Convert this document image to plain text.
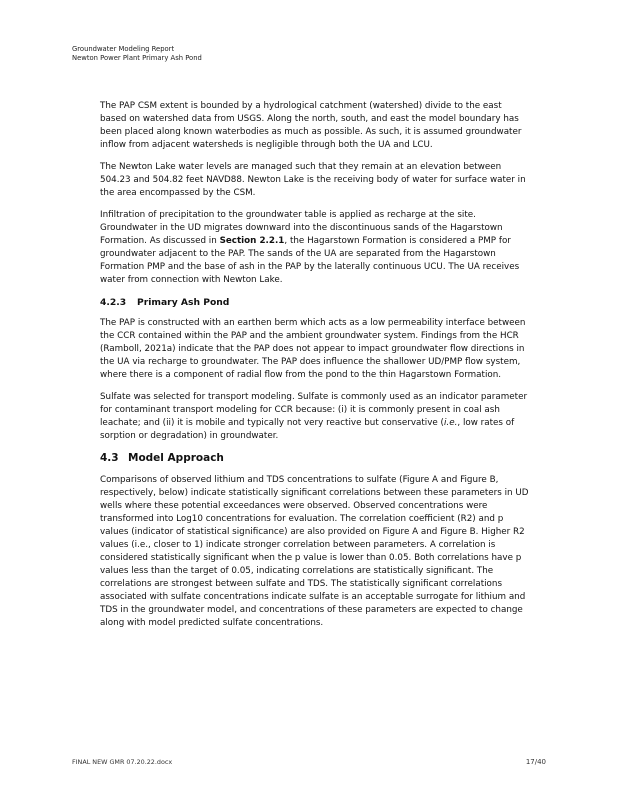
Groundwater Modeling Report
Newton Power Plant Primary Ash Pond
The PAP CSM extent is bounded by a hydrological catchment (watershed) divide to the east
based on watershed data from USGS. Along the north, south, and east the model boundary has
been placed along known waterbodies as much as possible. As such, it is assumed groundwater
inflow from adjacent watersheds is negligible through both the UA and LCU.
The Newton Lake water levels are managed such that they remain at an elevation between
504.23 and 504.82 feet NAVD88. Newton Lake is the receiving body of water for surface water in
the area encompassed by the CSM.
Infiltration of precipitation to the groundwater table is applied as recharge at the site.
Groundwater in the UD migrates downward into the discontinuous sands of the Hagarstown
Formation. As discussed in Section 2.2.1, the Hagarstown Formation is considered a PMP for
groundwater adjacent to the PAP. The sands of the UA are separated from the Hagarstown
Formation PMP and the base of ash in the PAP by the laterally continuous UCU. The UA receives
water from connection with Newton Lake.
4.2.3 Primary Ash Pond
The PAP is constructed with an earthen berm which acts as a low permeability interface between
the CCR contained within the PAP and the ambient groundwater system. Findings from the HCR
(Ramboll, 2021a) indicate that the PAP does not appear to impact groundwater flow directions in
the UA via recharge to groundwater. The PAP does influence the shallower UD/PMP flow system,
where there is a component of radial flow from the pond to the thin Hagarstown Formation.
Sulfate was selected for transport modeling. Sulfate is commonly used as an indicator parameter
for contaminant transport modeling for CCR because: (i) it is commonly present in coal ash
leachate; and (ii) it is mobile and typically not very reactive but conservative (i.e., low rates of
sorption or degradation) in groundwater.
4.3 Model Approach
Comparisons of observed lithium and TDS concentrations to sulfate (Figure A and Figure B,
respectively, below) indicate statistically significant correlations between these parameters in UD
wells where these potential exceedances were observed. Observed concentrations were
transformed into Log10 concentrations for evaluation. The correlation coefficient (R2) and p
values (indicator of statistical significance) are also provided on Figure A and Figure B. Higher R2
values (i.e., closer to 1) indicate stronger correlation between parameters. A correlation is
considered statistically significant when the p value is lower than 0.05. Both correlations have p
values less than the target of 0.05, indicating correlations are statistically significant. The
correlations are strongest between sulfate and TDS. The statistically significant correlations
associated with sulfate concentrations indicate sulfate is an acceptable surrogate for lithium and
TDS in the groundwater model, and concentrations of these parameters are expected to change
along with model predicted sulfate concentrations.
FINAL NEW GMR 07.20.22.docx	17/40
